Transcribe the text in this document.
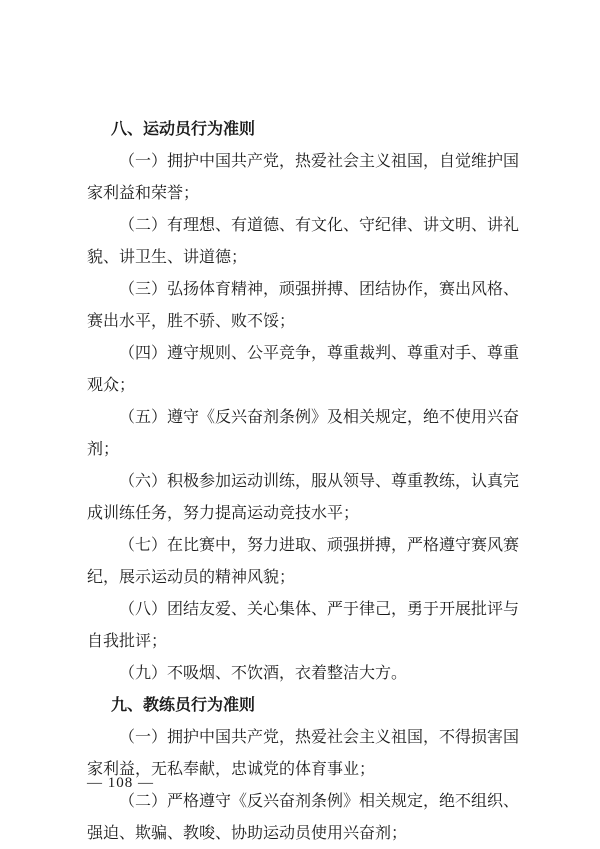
八、运动员行为准则

（一）拥护中国共产党，热爱社会主义祖国，自觉维护国家利益和荣誉；

（二）有理想、有道德、有文化、守纪律、讲文明、讲礼貌、讲卫生、讲道德；

（三）弘扬体育精神，顽强拼搏、团结协作，赛出风格、赛出水平，胜不骄、败不馁；

（四）遵守规则、公平竞争，尊重裁判、尊重对手、尊重观众；

（五）遵守《反兴奋剂条例》及相关规定，绝不使用兴奋剂；

（六）积极参加运动训练，服从领导、尊重教练，认真完成训练任务，努力提高运动竞技水平；

（七）在比赛中，努力进取、顽强拼搏，严格遵守赛风赛纪，展示运动员的精神风貌；

（八）团结友爱、关心集体、严于律己，勇于开展批评与自我批评；

（九）不吸烟、不饮酒，衣着整洁大方。

九、教练员行为准则

（一）拥护中国共产党，热爱社会主义祖国，不得损害国家利益，无私奉献，忠诚党的体育事业；

（二）严格遵守《反兴奋剂条例》相关规定，绝不组织、强迫、欺骗、教唆、协助运动员使用兴奋剂；

— 108 —
